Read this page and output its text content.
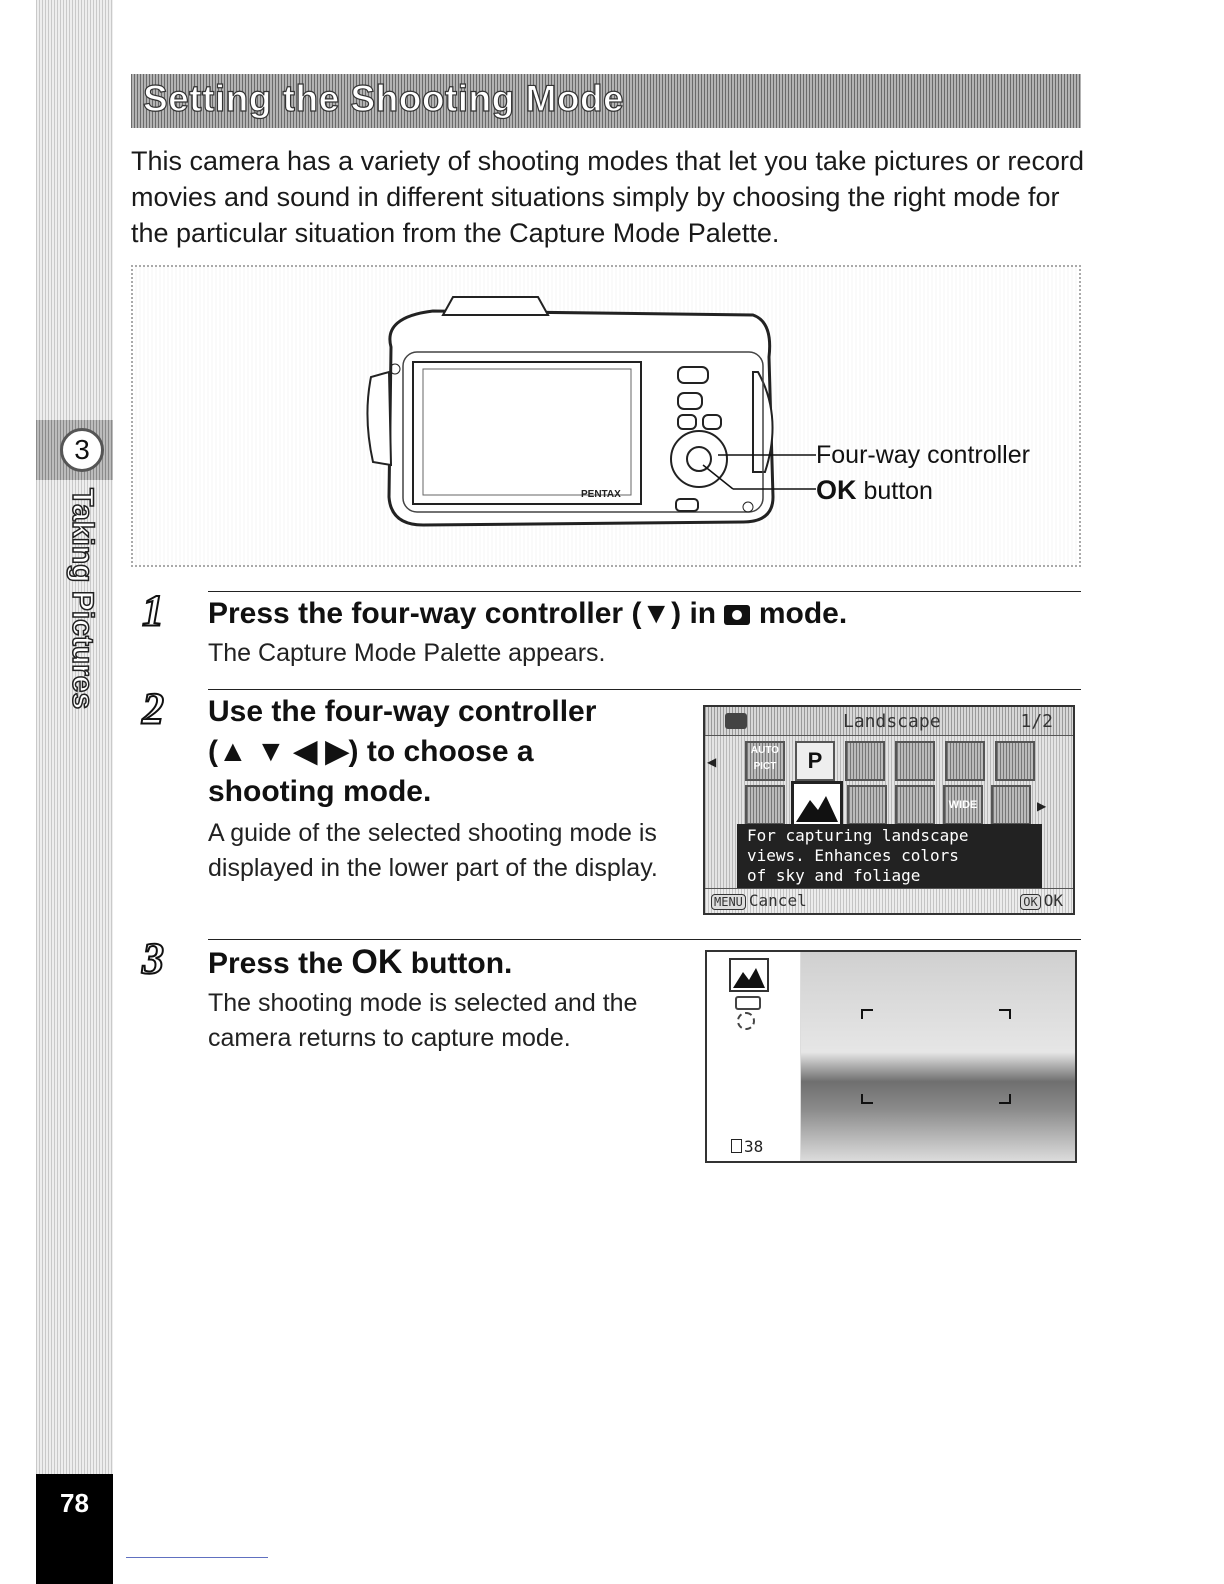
3
Taking Pictures
78
Setting the Shooting Mode
This camera has a variety of shooting modes that let you take pictures or record movies and sound in different situations simply by choosing the right mode for the particular situation from the Capture Mode Palette.
PENTAX
Four-way controller
OK button
1 Press the four-way controller (▼) in mode.
The Capture Mode Palette appears.
2 Use the four-way controller
(▲ ▼ ◀ ▶) to choose a
shooting mode.
A guide of the selected shooting mode is displayed in the lower part of the display.
Landscape	1/2
◀
AUTO PICT	P
WIDE	▶
For capturing landscape
views. Enhances colors
of sky and foliage
MENU Cancel	OK OK
3 Press the OK button.
The shooting mode is selected and the camera returns to capture mode.
38
